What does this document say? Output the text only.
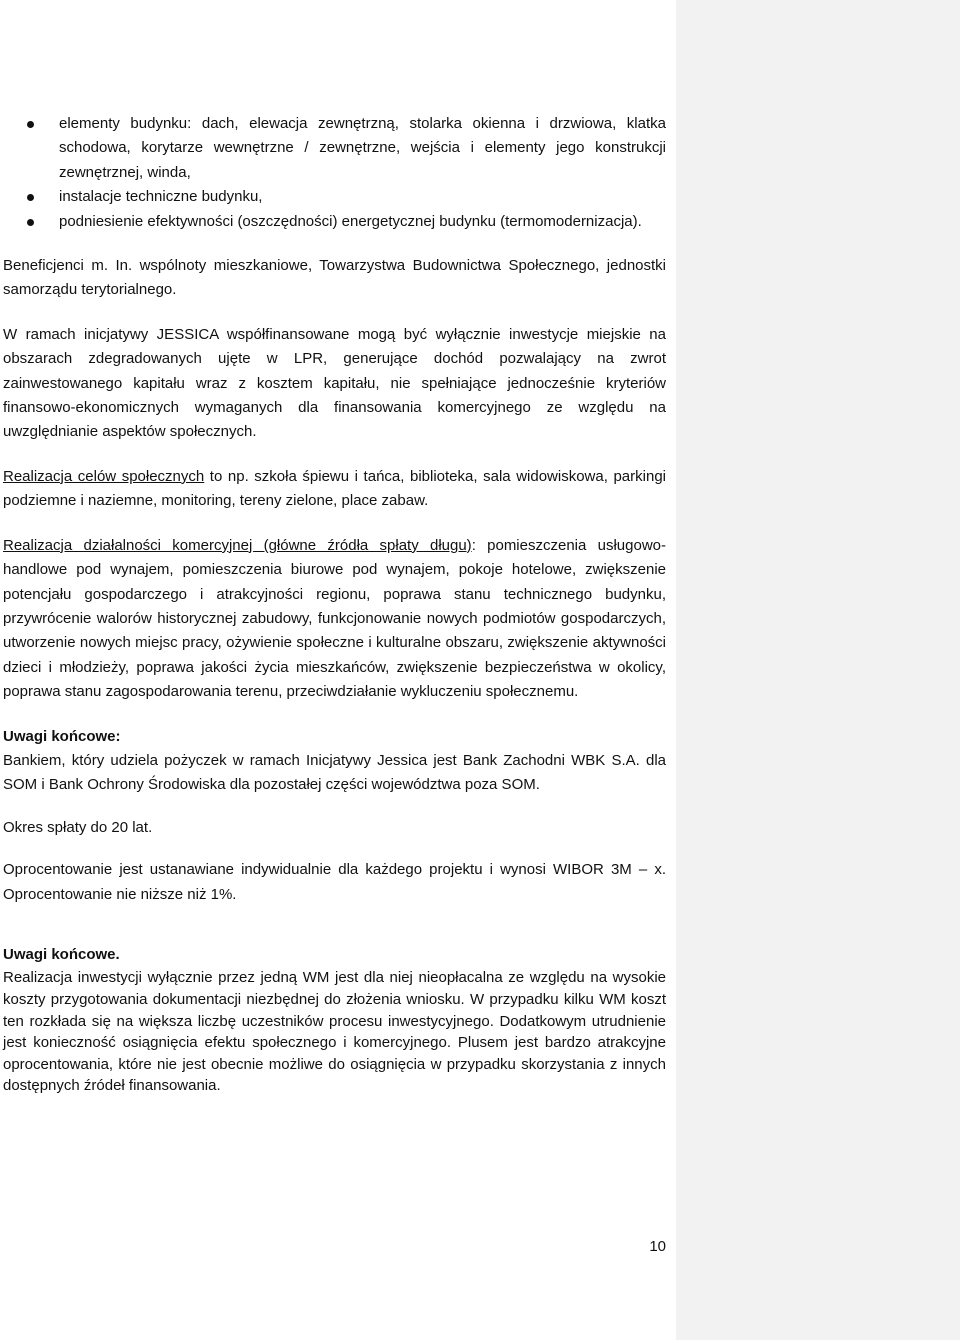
elementy budynku: dach, elewacja zewnętrzną, stolarka okienna i drzwiowa, klatka schodowa, korytarze wewnętrzne / zewnętrzne, wejścia i elementy jego konstrukcji zewnętrznej, winda,
instalacje techniczne budynku,
podniesienie efektywności (oszczędności) energetycznej budynku (termomodernizacja).

Beneficjenci m. In. wspólnoty mieszkaniowe, Towarzystwa Budownictwa Społecznego, jednostki samorządu terytorialnego.

W ramach inicjatywy JESSICA współfinansowane mogą być wyłącznie inwestycje miejskie na obszarach zdegradowanych ujęte w LPR, generujące dochód pozwalający na zwrot zainwestowanego kapitału wraz z kosztem kapitału, nie spełniające jednocześnie kryteriów finansowo-ekonomicznych wymaganych dla finansowania komercyjnego ze względu na uwzględnianie aspektów społecznych.

Realizacja celów społecznych to np. szkoła śpiewu i tańca, biblioteka, sala widowiskowa, parkingi podziemne i naziemne, monitoring, tereny zielone, place zabaw.

Realizacja działalności komercyjnej (główne źródła spłaty długu): pomieszczenia usługowo-handlowe pod wynajem, pomieszczenia biurowe pod wynajem, pokoje hotelowe, zwiększenie potencjału gospodarczego i atrakcyjności regionu, poprawa stanu technicznego budynku, przywrócenie walorów historycznej zabudowy, funkcjonowanie nowych podmiotów gospodarczych, utworzenie nowych miejsc pracy, ożywienie społeczne i kulturalne obszaru, zwiększenie aktywności dzieci i młodzieży, poprawa jakości życia mieszkańców, zwiększenie bezpieczeństwa w okolicy, poprawa stanu zagospodarowania terenu, przeciwdziałanie wykluczeniu społecznemu.

Uwagi końcowe:

Bankiem, który udziela pożyczek w ramach Inicjatywy Jessica jest Bank Zachodni WBK S.A. dla SOM i Bank Ochrony Środowiska dla pozostałej części województwa poza SOM.

Okres spłaty do 20 lat.

Oprocentowanie jest ustanawiane indywidualnie dla każdego projektu i wynosi WIBOR 3M – x. Oprocentowanie nie niższe niż 1%.

Uwagi końcowe.

Realizacja inwestycji wyłącznie przez jedną WM jest dla niej nieopłacalna ze względu na wysokie koszty przygotowania dokumentacji niezbędnej do złożenia wniosku. W przypadku kilku WM koszt ten rozkłada się na większa liczbę uczestników procesu inwestycyjnego. Dodatkowym utrudnienie jest konieczność osiągnięcia efektu społecznego i komercyjnego. Plusem jest bardzo atrakcyjne oprocentowania, które nie jest obecnie możliwe do osiągnięcia w przypadku skorzystania z innych dostępnych źródeł finansowania.

10
